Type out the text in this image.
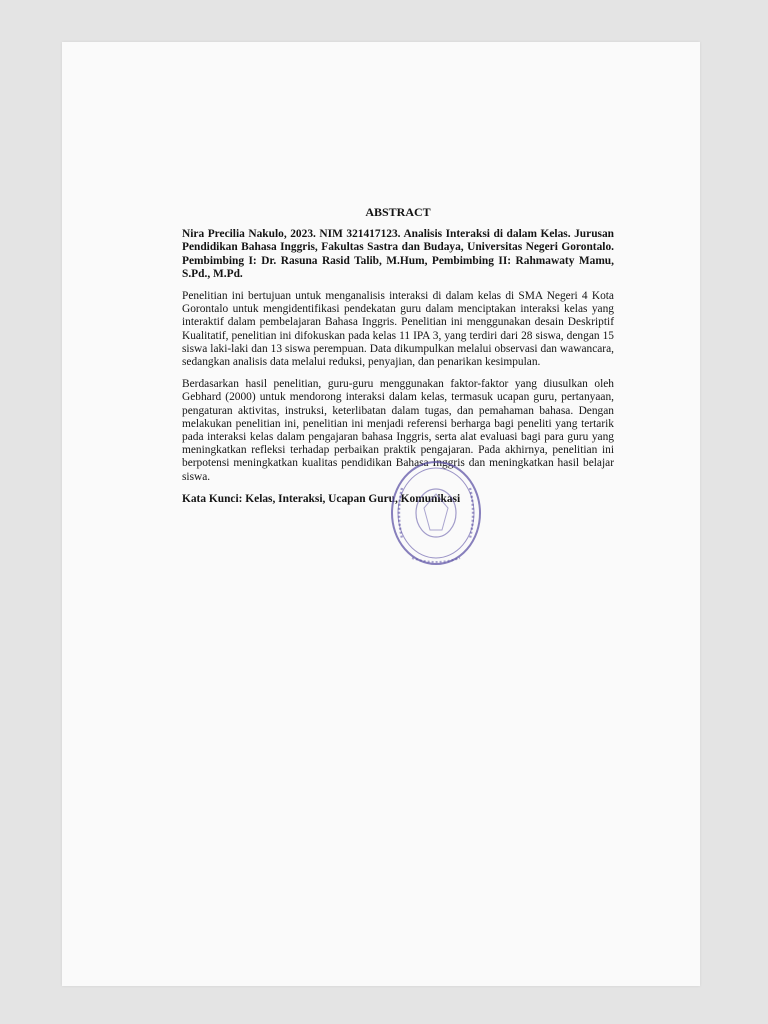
ABSTRACT

Nira Precilia Nakulo, 2023. NIM 321417123. Analisis Interaksi di dalam Kelas. Jurusan Pendidikan Bahasa Inggris, Fakultas Sastra dan Budaya, Universitas Negeri Gorontalo. Pembimbing I: Dr. Rasuna Rasid Talib, M.Hum, Pembimbing II: Rahmawaty Mamu, S.Pd., M.Pd.

Penelitian ini bertujuan untuk menganalisis interaksi di dalam kelas di SMA Negeri 4 Kota Gorontalo untuk mengidentifikasi pendekatan guru dalam menciptakan interaksi kelas yang interaktif dalam pembelajaran Bahasa Inggris. Penelitian ini menggunakan desain Deskriptif Kualitatif, penelitian ini difokuskan pada kelas 11 IPA 3, yang terdiri dari 28 siswa, dengan 15 siswa laki-laki dan 13 siswa perempuan. Data dikumpulkan melalui observasi dan wawancara, sedangkan analisis data melalui reduksi, penyajian, dan penarikan kesimpulan.

Berdasarkan hasil penelitian, guru-guru menggunakan faktor-faktor yang diusulkan oleh Gebhard (2000) untuk mendorong interaksi dalam kelas, termasuk ucapan guru, pertanyaan, pengaturan aktivitas, instruksi, keterlibatan dalam tugas, dan pemahaman bahasa. Dengan melakukan penelitian ini, penelitian ini menjadi referensi berharga bagi peneliti yang tertarik pada interaksi kelas dalam pengajaran bahasa Inggris, serta alat evaluasi bagi para guru yang meningkatkan refleksi terhadap perbaikan praktik pengajaran. Pada akhirnya, penelitian ini berpotensi meningkatkan kualitas pendidikan Bahasa Inggris dan meningkatkan hasil belajar siswa.

Kata Kunci: Kelas, Interaksi, Ucapan Guru, Komunikasi
